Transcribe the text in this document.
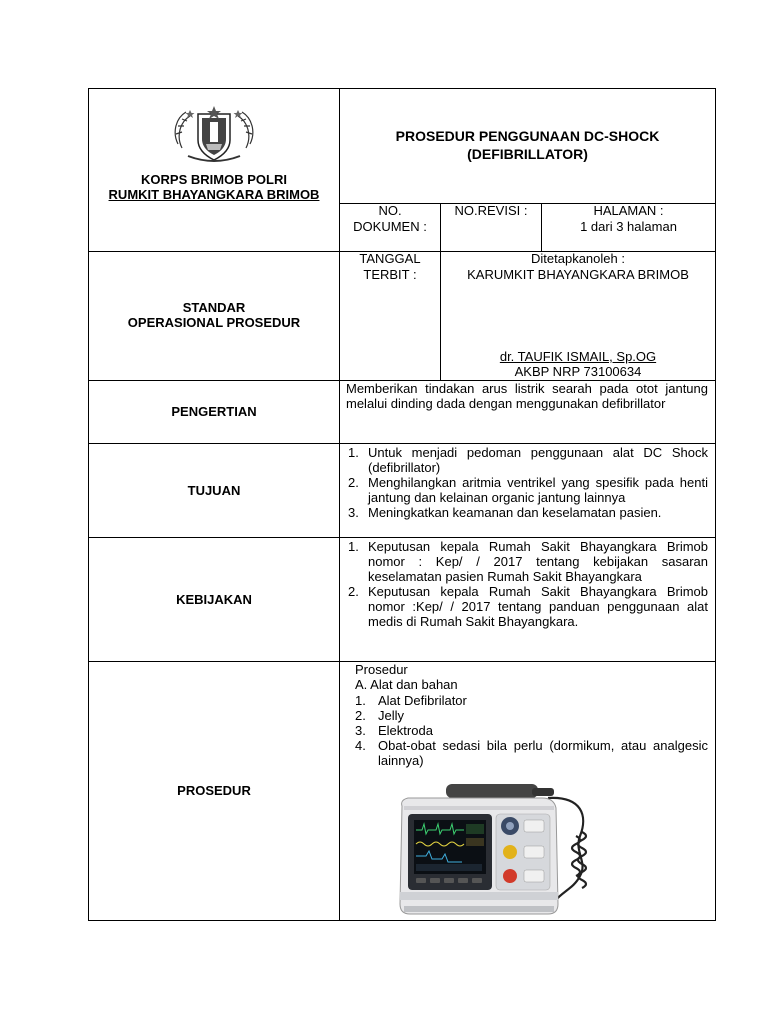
KORPS BRIMOB POLRI
RUMKIT BHAYANGKARA BRIMOB
PROSEDUR PENGGUNAAN DC-SHOCK
(DEFIBRILLATOR)
NO.
DOKUMEN :
NO.REVISI :	HALAMAN :
1 dari 3 halaman
STANDAR
OPERASIONAL PROSEDUR
TANGGAL
TERBIT :
Ditetapkanoleh :
KARUMKIT BHAYANGKARA BRIMOB
dr. TAUFIK ISMAIL, Sp.OG
AKBP NRP 73100634
PENGERTIAN
Memberikan tindakan arus listrik searah pada otot jantung melalui dinding dada dengan menggunakan defibrillator
TUJUAN
1. Untuk menjadi pedoman penggunaan alat DC Shock (defibrillator)
2. Menghilangkan aritmia ventrikel yang spesifik pada henti jantung dan kelainan organic jantung lainnya
3. Meningkatkan keamanan dan keselamatan pasien.
KEBIJAKAN
1. Keputusan kepala Rumah Sakit Bhayangkara Brimob nomor : Kep/ / 2017 tentang kebijakan sasaran keselamatan pasien Rumah Sakit Bhayangkara
2. Keputusan kepala Rumah Sakit Bhayangkara Brimob nomor :Kep/ / 2017 tentang panduan penggunaan alat medis di Rumah Sakit Bhayangkara.
PROSEDUR
Prosedur
A. Alat dan bahan
1. Alat Defibrilator
2. Jelly
3. Elektroda
4. Obat-obat sedasi bila perlu (dormikum, atau analgesic lainnya)
